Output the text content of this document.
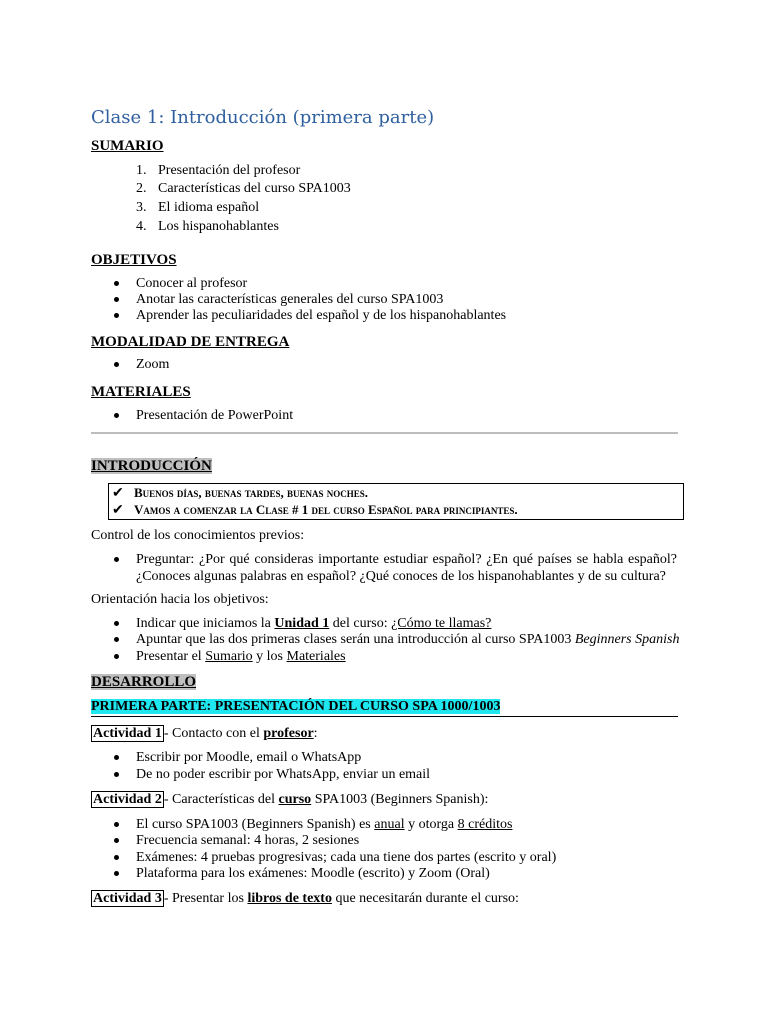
Clase 1: Introducción (primera parte)
SUMARIO
1. Presentación del profesor
2. Características del curso SPA1003
3. El idioma español
4. Los hispanohablantes
OBJETIVOS
Conocer al profesor
Anotar las características generales del curso SPA1003
Aprender las peculiaridades del español y de los hispanohablantes
MODALIDAD DE ENTREGA
Zoom
MATERIALES
Presentación de PowerPoint
INTRODUCCIÓN
✔ Buenos días, buenas tardes, buenas noches.
✔ Vamos a comenzar la Clase # 1 del curso Español para principiantes.
Control de los conocimientos previos:
Preguntar: ¿Por qué consideras importante estudiar español? ¿En qué países se habla español? ¿Conoces algunas palabras en español? ¿Qué conoces de los hispanohablantes y de su cultura?
Orientación hacia los objetivos:
Indicar que iniciamos la Unidad 1 del curso: ¿Cómo te llamas?
Apuntar que las dos primeras clases serán una introducción al curso SPA1003 Beginners Spanish
Presentar el Sumario y los Materiales
DESARROLLO
PRIMERA PARTE: PRESENTACIÓN DEL CURSO SPA 1000/1003
Actividad 1 - Contacto con el profesor:
Escribir por Moodle, email o WhatsApp
De no poder escribir por WhatsApp, enviar un email
Actividad 2 - Características del curso SPA1003 (Beginners Spanish):
El curso SPA1003 (Beginners Spanish) es anual y otorga 8 créditos
Frecuencia semanal: 4 horas, 2 sesiones
Exámenes: 4 pruebas progresivas; cada una tiene dos partes (escrito y oral)
Plataforma para los exámenes: Moodle (escrito) y Zoom (Oral)
Actividad 3 - Presentar los libros de texto que necesitarán durante el curso:
